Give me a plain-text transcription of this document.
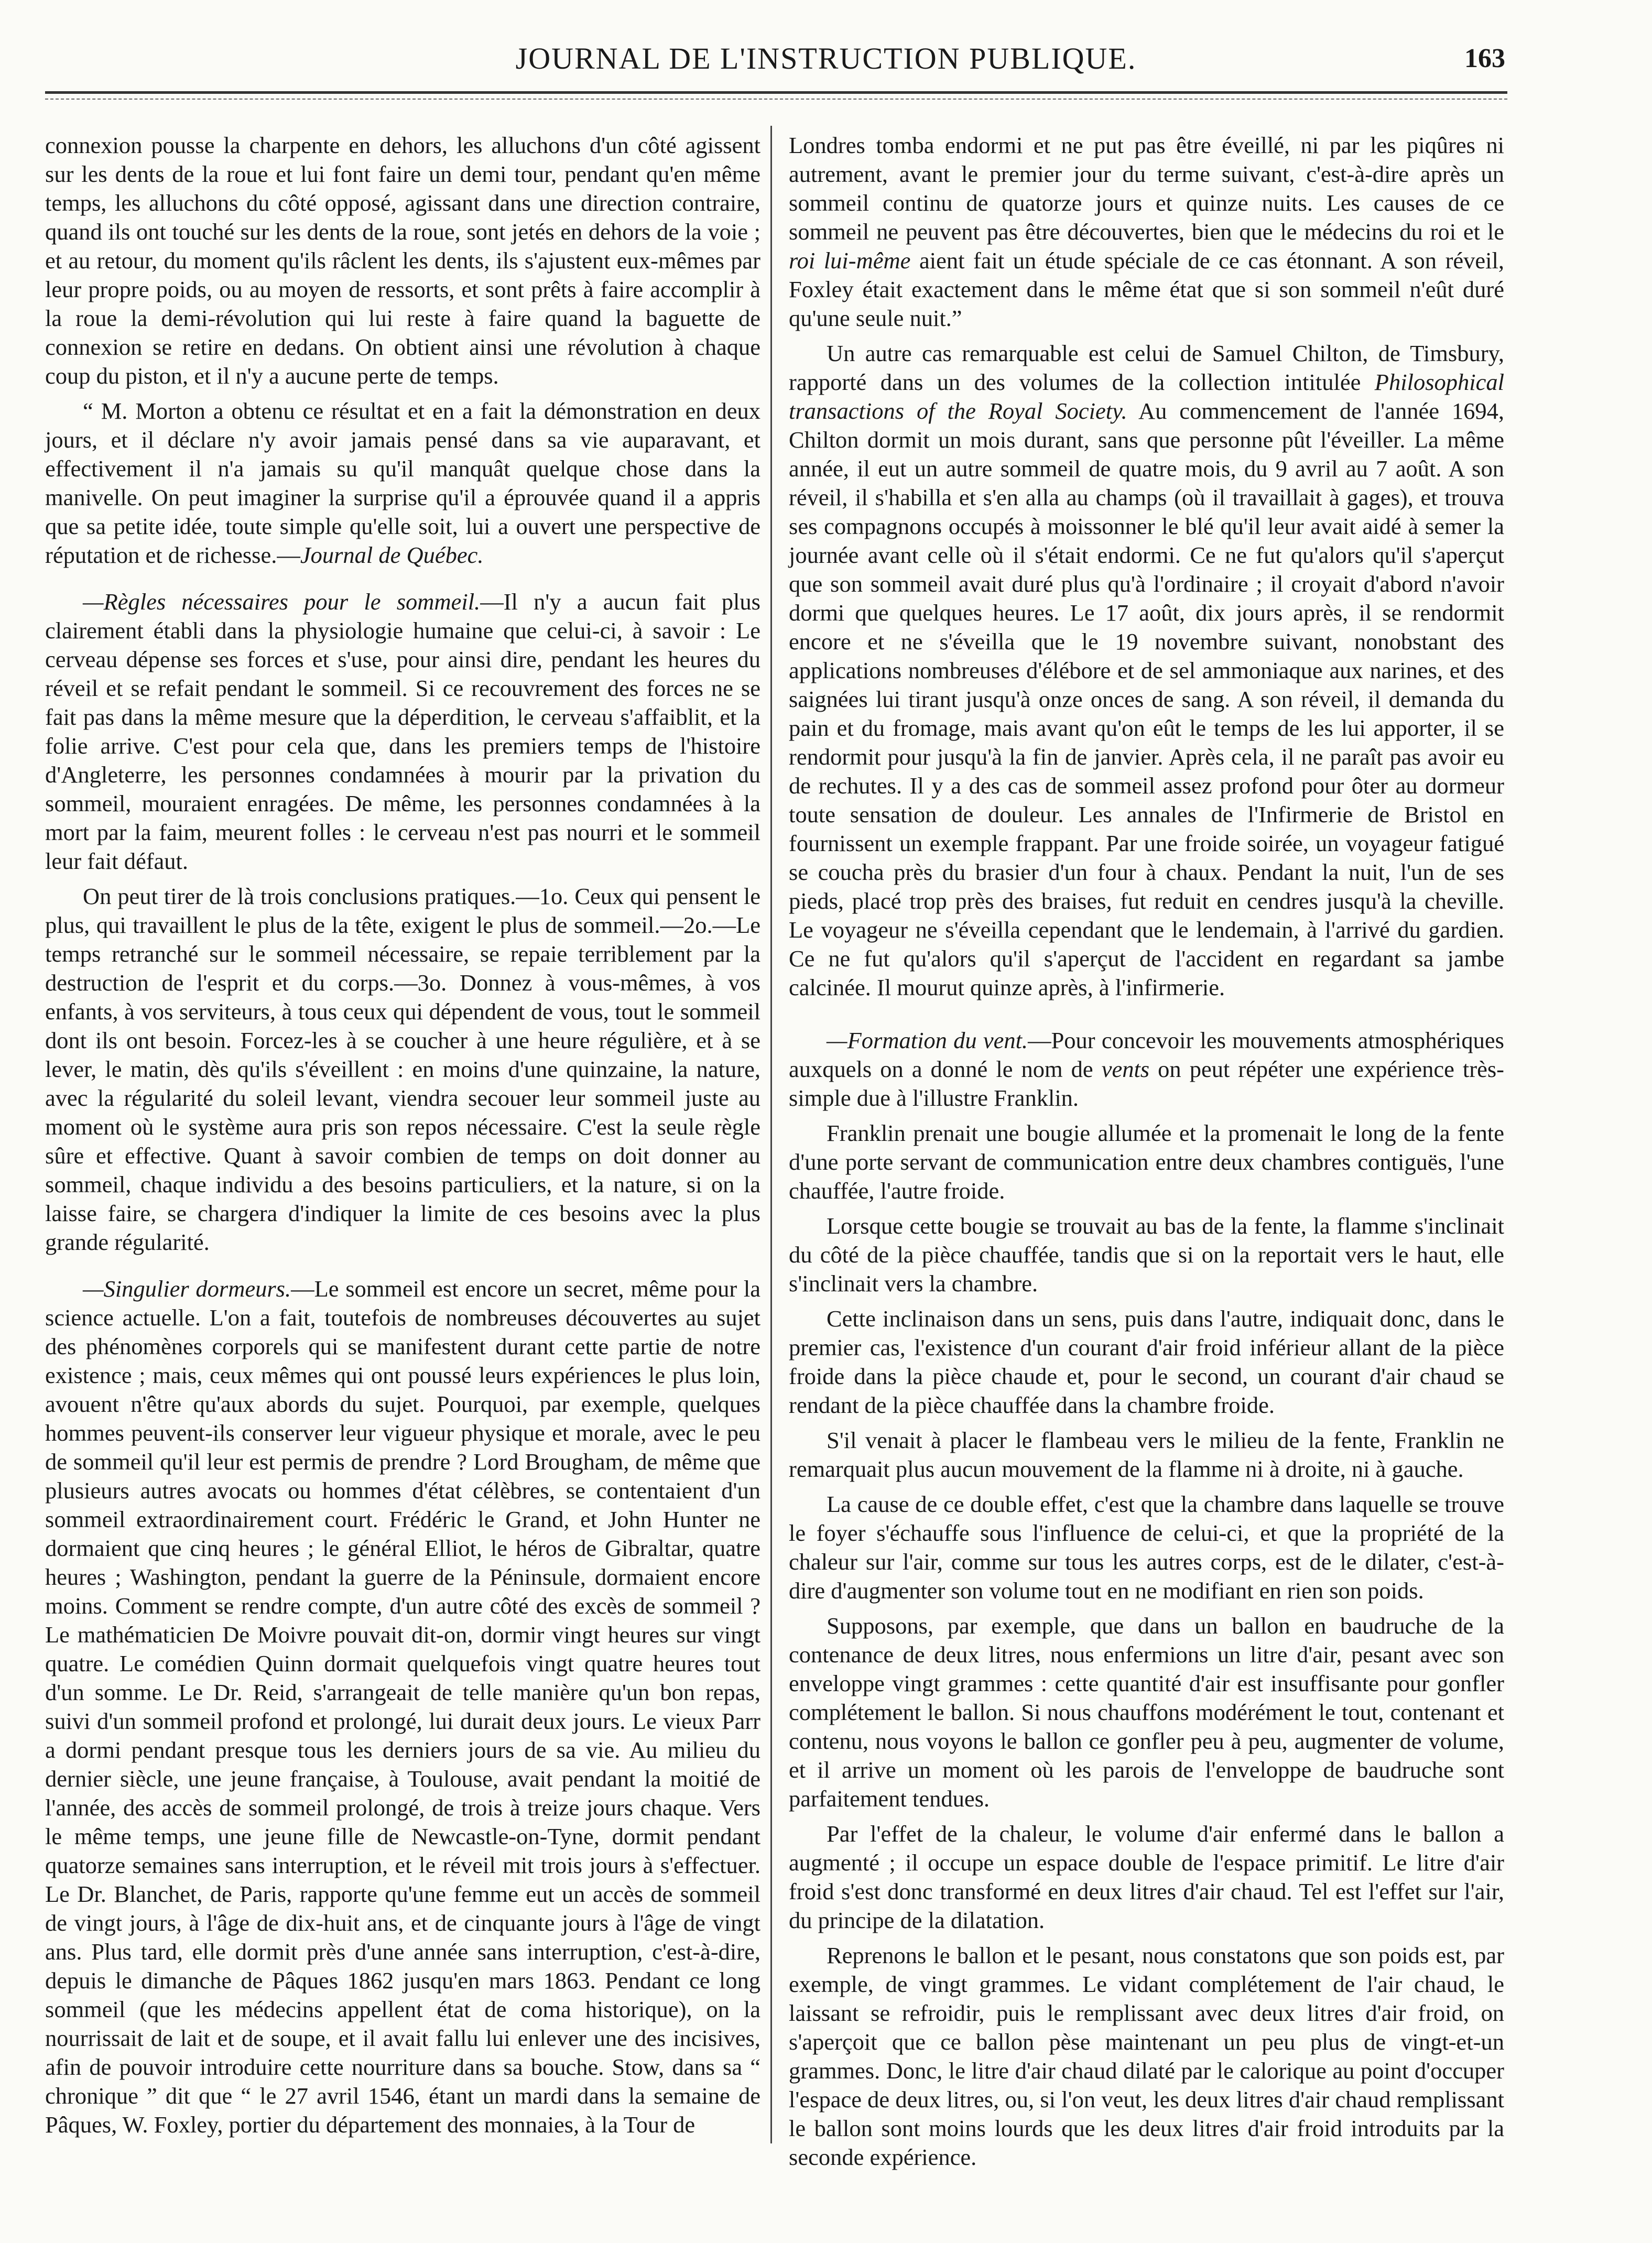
JOURNAL DE L'INSTRUCTION PUBLIQUE.	163

connexion pousse la charpente en dehors, les alluchons d'un côté agissent sur les dents de la roue et lui font faire un demi tour, pendant qu'en même temps, les alluchons du côté opposé, agissant dans une direction contraire, quand ils ont touché sur les dents de la roue, sont jetés en dehors de la voie ; et au retour, du moment qu'ils râclent les dents, ils s'ajustent eux-mêmes par leur propre poids, ou au moyen de ressorts, et sont prêts à faire accomplir à la roue la demi-révolution qui lui reste à faire quand la baguette de connexion se retire en dedans. On obtient ainsi une révolution à chaque coup du piston, et il n'y a aucune perte de temps.

“ M. Morton a obtenu ce résultat et en a fait la démonstration en deux jours, et il déclare n'y avoir jamais pensé dans sa vie auparavant, et effectivement il n'a jamais su qu'il manquât quelque chose dans la manivelle. On peut imaginer la surprise qu'il a éprouvée quand il a appris que sa petite idée, toute simple qu'elle soit, lui a ouvert une perspective de réputation et de richesse.—Journal de Québec.

—Règles nécessaires pour le sommeil.—Il n'y a aucun fait plus clairement établi dans la physiologie humaine que celui-ci, à savoir : Le cerveau dépense ses forces et s'use, pour ainsi dire, pendant les heures du réveil et se refait pendant le sommeil. Si ce recouvrement des forces ne se fait pas dans la même mesure que la déperdition, le cerveau s'affaiblit, et la folie arrive. C'est pour cela que, dans les premiers temps de l'histoire d'Angleterre, les personnes condamnées à mourir par la privation du sommeil, mouraient enragées. De même, les personnes condamnées à la mort par la faim, meurent folles : le cerveau n'est pas nourri et le sommeil leur fait défaut.

On peut tirer de là trois conclusions pratiques.—1o. Ceux qui pensent le plus, qui travaillent le plus de la tête, exigent le plus de sommeil.—2o.—Le temps retranché sur le sommeil nécessaire, se repaie terriblement par la destruction de l'esprit et du corps.—3o. Donnez à vous-mêmes, à vos enfants, à vos serviteurs, à tous ceux qui dépendent de vous, tout le sommeil dont ils ont besoin. Forcez-les à se coucher à une heure régulière, et à se lever, le matin, dès qu'ils s'éveillent : en moins d'une quinzaine, la nature, avec la régularité du soleil levant, viendra secouer leur sommeil juste au moment où le système aura pris son repos nécessaire. C'est la seule règle sûre et effective. Quant à savoir combien de temps on doit donner au sommeil, chaque individu a des besoins particuliers, et la nature, si on la laisse faire, se chargera d'indiquer la limite de ces besoins avec la plus grande régularité.

—Singulier dormeurs.—Le sommeil est encore un secret, même pour la science actuelle. L'on a fait, toutefois de nombreuses découvertes au sujet des phénomènes corporels qui se manifestent durant cette partie de notre existence ; mais, ceux mêmes qui ont poussé leurs expériences le plus loin, avouent n'être qu'aux abords du sujet. Pourquoi, par exemple, quelques hommes peuvent-ils conserver leur vigueur physique et morale, avec le peu de sommeil qu'il leur est permis de prendre ? Lord Brougham, de même que plusieurs autres avocats ou hommes d'état célèbres, se contentaient d'un sommeil extraordinairement court. Frédéric le Grand, et John Hunter ne dormaient que cinq heures ; le général Elliot, le héros de Gibraltar, quatre heures ; Washington, pendant la guerre de la Péninsule, dormaient encore moins. Comment se rendre compte, d'un autre côté des excès de sommeil ? Le mathématicien De Moivre pouvait dit-on, dormir vingt heures sur vingt quatre. Le comédien Quinn dormait quelquefois vingt quatre heures tout d'un somme. Le Dr. Reid, s'arrangeait de telle manière qu'un bon repas, suivi d'un sommeil profond et prolongé, lui durait deux jours. Le vieux Parr a dormi pendant presque tous les derniers jours de sa vie. Au milieu du dernier siècle, une jeune française, à Toulouse, avait pendant la moitié de l'année, des accès de sommeil prolongé, de trois à treize jours chaque. Vers le même temps, une jeune fille de Newcastle-on-Tyne, dormit pendant quatorze semaines sans interruption, et le réveil mit trois jours à s'effectuer. Le Dr. Blanchet, de Paris, rapporte qu'une femme eut un accès de sommeil de vingt jours, à l'âge de dix-huit ans, et de cinquante jours à l'âge de vingt ans. Plus tard, elle dormit près d'une année sans interruption, c'est-à-dire, depuis le dimanche de Pâques 1862 jusqu'en mars 1863. Pendant ce long sommeil (que les médecins appellent état de coma historique), on la nourrissait de lait et de soupe, et il avait fallu lui enlever une des incisives, afin de pouvoir introduire cette nourriture dans sa bouche. Stow, dans sa “ chronique ” dit que “ le 27 avril 1546, étant un mardi dans la semaine de Pâques, W. Foxley, portier du département des monnaies, à la Tour de

Londres tomba endormi et ne put pas être éveillé, ni par les piqûres ni autrement, avant le premier jour du terme suivant, c'est-à-dire après un sommeil continu de quatorze jours et quinze nuits. Les causes de ce sommeil ne peuvent pas être découvertes, bien que le médecins du roi et le roi lui-même aient fait un étude spéciale de ce cas étonnant. A son réveil, Foxley était exactement dans le même état que si son sommeil n'eût duré qu'une seule nuit.”

Un autre cas remarquable est celui de Samuel Chilton, de Timsbury, rapporté dans un des volumes de la collection intitulée Philosophical transactions of the Royal Society. Au commencement de l'année 1694, Chilton dormit un mois durant, sans que personne pût l'éveiller. La même année, il eut un autre sommeil de quatre mois, du 9 avril au 7 août. A son réveil, il s'habilla et s'en alla au champs (où il travaillait à gages), et trouva ses compagnons occupés à moissonner le blé qu'il leur avait aidé à semer la journée avant celle où il s'était endormi. Ce ne fut qu'alors qu'il s'aperçut que son sommeil avait duré plus qu'à l'ordinaire ; il croyait d'abord n'avoir dormi que quelques heures. Le 17 août, dix jours après, il se rendormit encore et ne s'éveilla que le 19 novembre suivant, nonobstant des applications nombreuses d'élébore et de sel ammoniaque aux narines, et des saignées lui tirant jusqu'à onze onces de sang. A son réveil, il demanda du pain et du fromage, mais avant qu'on eût le temps de les lui apporter, il se rendormit pour jusqu'à la fin de janvier. Après cela, il ne paraît pas avoir eu de rechutes. Il y a des cas de sommeil assez profond pour ôter au dormeur toute sensation de douleur. Les annales de l'Infirmerie de Bristol en fournissent un exemple frappant. Par une froide soirée, un voyageur fatigué se coucha près du brasier d'un four à chaux. Pendant la nuit, l'un de ses pieds, placé trop près des braises, fut reduit en cendres jusqu'à la cheville. Le voyageur ne s'éveilla cependant que le lendemain, à l'arrivé du gardien. Ce ne fut qu'alors qu'il s'aperçut de l'accident en regardant sa jambe calcinée. Il mourut quinze après, à l'infirmerie.

—Formation du vent.—Pour concevoir les mouvements atmosphériques auxquels on a donné le nom de vents on peut répéter une expérience très-simple due à l'illustre Franklin.

Franklin prenait une bougie allumée et la promenait le long de la fente d'une porte servant de communication entre deux chambres contiguës, l'une chauffée, l'autre froide.

Lorsque cette bougie se trouvait au bas de la fente, la flamme s'inclinait du côté de la pièce chauffée, tandis que si on la reportait vers le haut, elle s'inclinait vers la chambre.

Cette inclinaison dans un sens, puis dans l'autre, indiquait donc, dans le premier cas, l'existence d'un courant d'air froid inférieur allant de la pièce froide dans la pièce chaude et, pour le second, un courant d'air chaud se rendant de la pièce chauffée dans la chambre froide.

S'il venait à placer le flambeau vers le milieu de la fente, Franklin ne remarquait plus aucun mouvement de la flamme ni à droite, ni à gauche.

La cause de ce double effet, c'est que la chambre dans laquelle se trouve le foyer s'échauffe sous l'influence de celui-ci, et que la propriété de la chaleur sur l'air, comme sur tous les autres corps, est de le dilater, c'est-à-dire d'augmenter son volume tout en ne modifiant en rien son poids.

Supposons, par exemple, que dans un ballon en baudruche de la contenance de deux litres, nous enfermions un litre d'air, pesant avec son enveloppe vingt grammes : cette quantité d'air est insuffisante pour gonfler complétement le ballon. Si nous chauffons modérément le tout, contenant et contenu, nous voyons le ballon ce gonfler peu à peu, augmenter de volume, et il arrive un moment où les parois de l'enveloppe de baudruche sont parfaitement tendues.

Par l'effet de la chaleur, le volume d'air enfermé dans le ballon a augmenté ; il occupe un espace double de l'espace primitif. Le litre d'air froid s'est donc transformé en deux litres d'air chaud. Tel est l'effet sur l'air, du principe de la dilatation.

Reprenons le ballon et le pesant, nous constatons que son poids est, par exemple, de vingt grammes. Le vidant complétement de l'air chaud, le laissant se refroidir, puis le remplissant avec deux litres d'air froid, on s'aperçoit que ce ballon pèse maintenant un peu plus de vingt-et-un grammes. Donc, le litre d'air chaud dilaté par le calorique au point d'occuper l'espace de deux litres, ou, si l'on veut, les deux litres d'air chaud remplissant le ballon sont moins lourds que les deux litres d'air froid introduits par la seconde expérience.
